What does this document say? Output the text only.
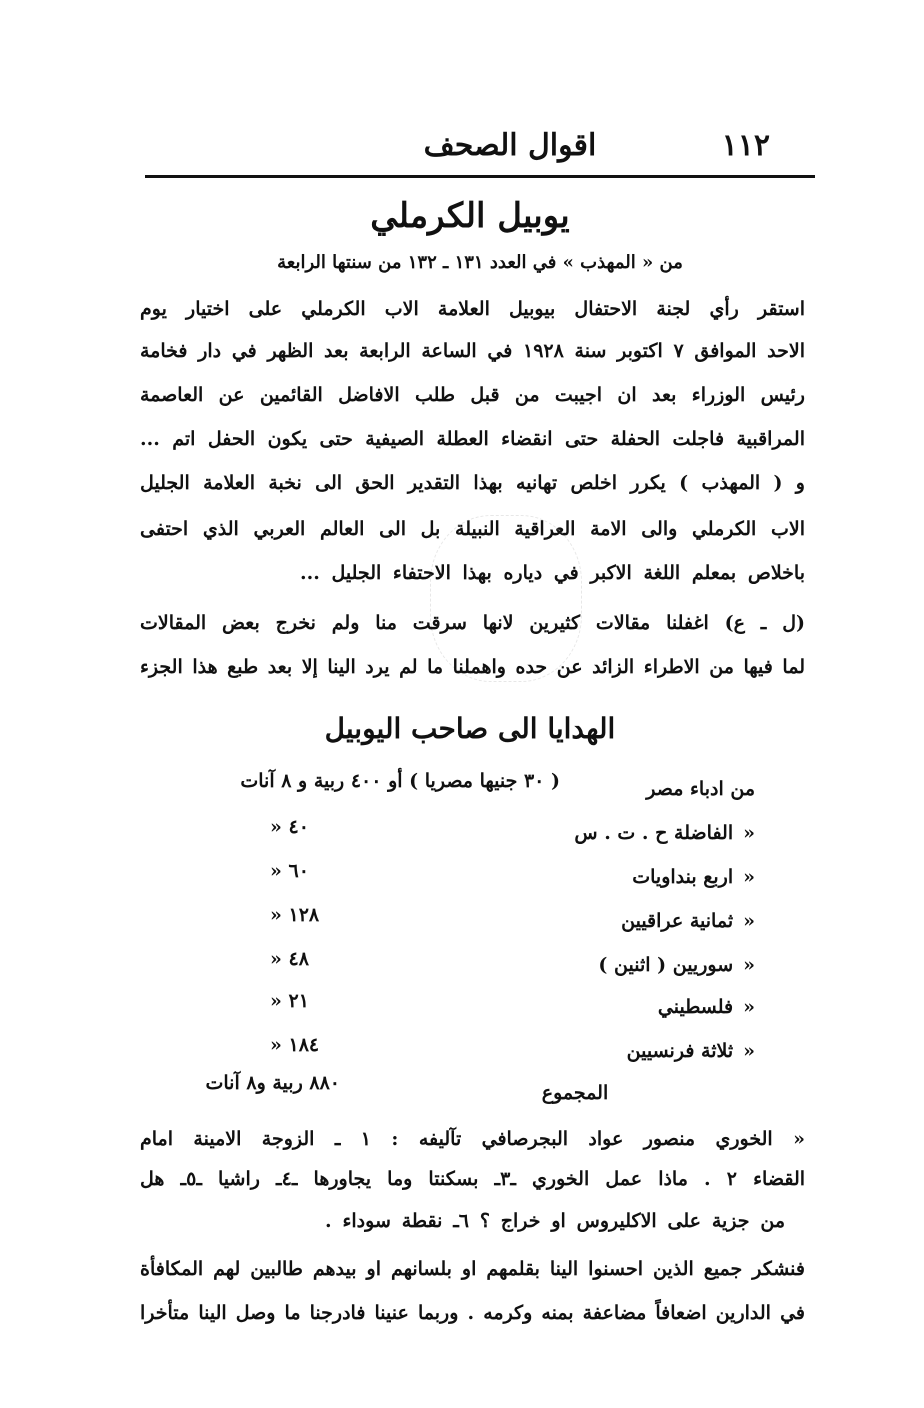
اقوال الصحف	١١٢
يوبيل الكرملي
من « المهذب » في العدد ١٣١ ـ ١٣٢ من سنتها الرابعة
استقر رأي لجنة الاحتفال بيوبيل العلامة الاب الكرملي على اختيار يوم
الاحد الموافق ٧ اكتوبر سنة ١٩٢٨ في الساعة الرابعة بعد الظهر في دار فخامة
رئيس الوزراء بعد ان اجيبت من قبل طلب الافاضل القائمين عن العاصمة
المراقبية فاجلت الحفلة حتى انقضاء العطلة الصيفية حتى يكون الحفل اتم ...
و ( المهذب ) يكرر اخلص تهانيه بهذا التقدير الحق الى نخبة العلامة الجليل
الاب الكرملي والى الامة العراقية النبيلة بل الى العالم العربي الذي احتفى
باخلاص بمعلم اللغة الاكبر في دياره بهذا الاحتفاء الجليل ...
(ل ـ ع) اغفلنا مقالات كثيرين لانها سرقت منا ولم نخرج بعض المقالات
لما فيها من الاطراء الزائد عن حده واهملنا ما لم يرد الينا إلا بعد طبع هذا الجزء
الهدايا الى صاحب اليوبيل
من ادباء مصر
( ٣٠ جنيها مصريا ) أو ٤٠٠ ربية و ٨ آنات
«الفاضلة ح . ت . س
٤٠ «
«اربع بنداويات
٦٠ «
«ثمانية عراقيين
١٢٨ «
«سوريين ( اثنين )
٤٨ «
«فلسطيني
٢١ «
«ثلاثة فرنسيين
١٨٤ «
المجموع
٨٨٠ ربية و٨ آنات
« الخوري منصور عواد البجرصافي تآليفه : ١ ـ الزوجة الامينة امام
القضاء ٢ . ماذا عمل الخوري ـ٣ـ بسكنتا وما يجاورها ـ٤ـ راشيا ـ٥ـ هل
من جزية على الاكليروس او خراج ؟ ٦ـ نقطة سوداء .
فنشكر جميع الذين احسنوا الينا بقلمهم او بلسانهم او بيدهم طالبين لهم المكافأة
في الدارين اضعافاً مضاعفة بمنه وكرمه . وربما عنينا فادرجنا ما وصل الينا متأخرا
